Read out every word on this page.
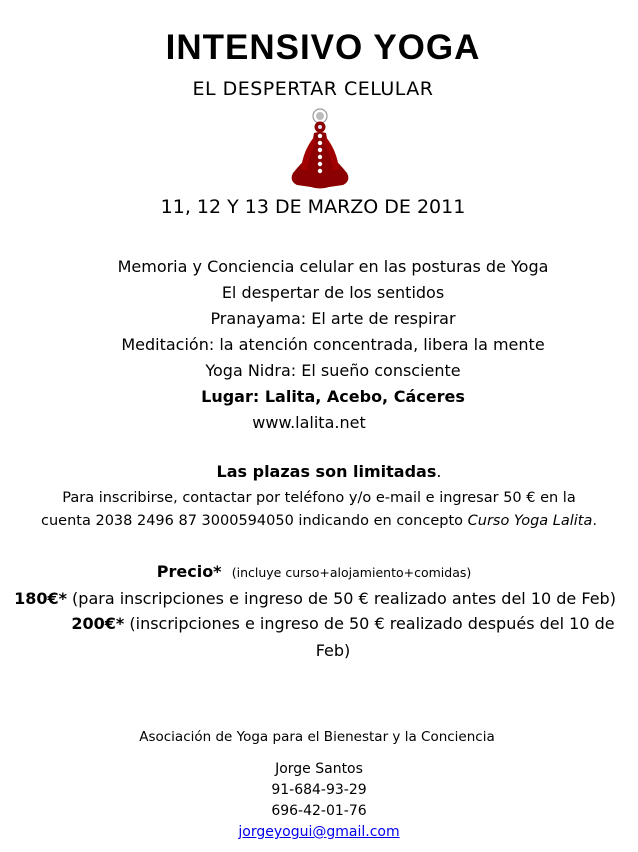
INTENSIVO YOGA
EL DESPERTAR CELULAR
11, 12 Y 13 DE MARZO DE 2011
Memoria y Conciencia celular en las posturas de Yoga
El despertar de los sentidos
Pranayama: El arte de respirar
Meditación: la atención concentrada, libera la mente
Yoga Nidra: El sueño consciente
Lugar: Lalita, Acebo, Cáceres
www.lalita.net
Las plazas son limitadas.
Para inscribirse, contactar por teléfono y/o e-mail e ingresar 50 € en la
cuenta 2038 2496 87 3000594050 indicando en concepto Curso Yoga Lalita.
Precio* (incluye curso+alojamiento+comidas)
180€* (para inscripciones e ingreso de 50 € realizado antes del 10 de Feb)
200€* (inscripciones e ingreso de 50 € realizado después del 10 de
Feb)
Asociación de Yoga para el Bienestar y la Conciencia
Jorge Santos
91-684-93-29
696-42-01-76
jorgeyogui@gmail.com
